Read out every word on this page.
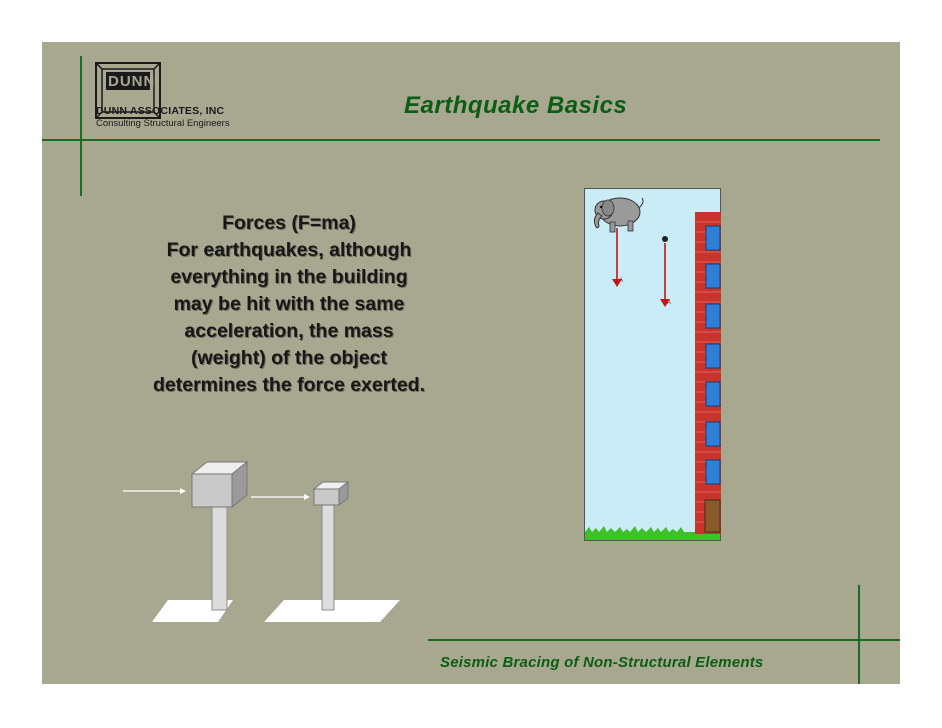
DUNN
DUNN ASSOCIATES, INC
Consulting Structural Engineers
Earthquake Basics
Forces (F=ma)
For earthquakes, although
everything in the building
may be hit with the same
acceleration, the mass
(weight) of the object
determines the force exerted.
A
A
Seismic Bracing of Non-Structural Elements
